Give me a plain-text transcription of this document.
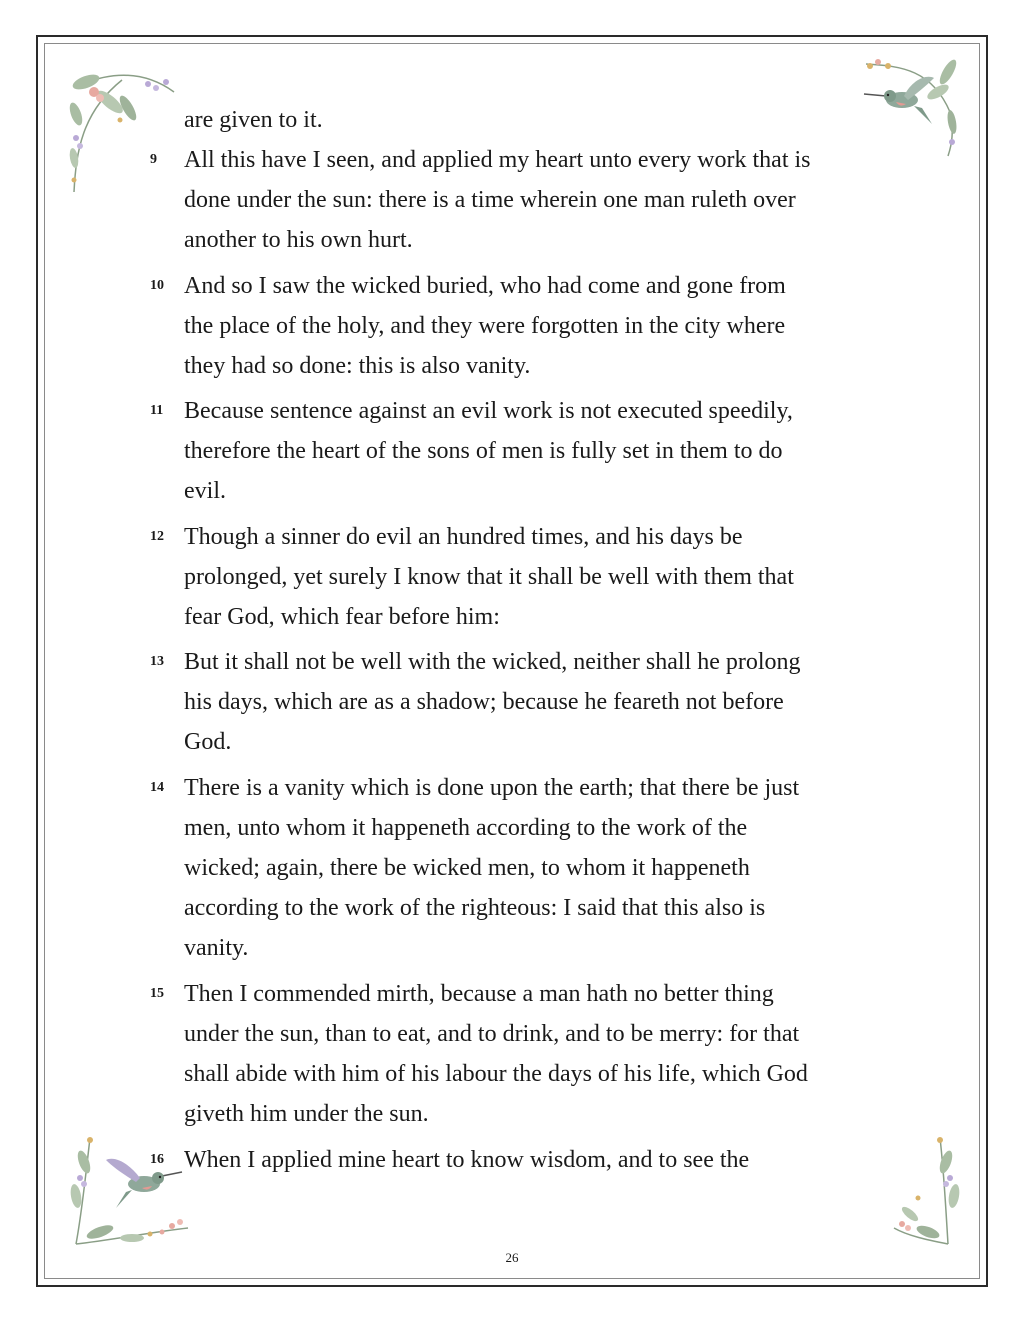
are given to it.
9 All this have I seen, and applied my heart unto every work that is
done under the sun: there is a time wherein one man ruleth over
another to his own hurt.
10 And so I saw the wicked buried, who had come and gone from
the place of the holy, and they were forgotten in the city where
they had so done: this is also vanity.
11 Because sentence against an evil work is not executed speedily,
therefore the heart of the sons of men is fully set in them to do
evil.
12 Though a sinner do evil an hundred times, and his days be
prolonged, yet surely I know that it shall be well with them that
fear God, which fear before him:
13 But it shall not be well with the wicked, neither shall he prolong
his days, which are as a shadow; because he feareth not before
God.
14 There is a vanity which is done upon the earth; that there be just
men, unto whom it happeneth according to the work of the
wicked; again, there be wicked men, to whom it happeneth
according to the work of the righteous: I said that this also is
vanity.
15 Then I commended mirth, because a man hath no better thing
under the sun, than to eat, and to drink, and to be merry: for that
shall abide with him of his labour the days of his life, which God
giveth him under the sun.
16 When I applied mine heart to know wisdom, and to see the
26
